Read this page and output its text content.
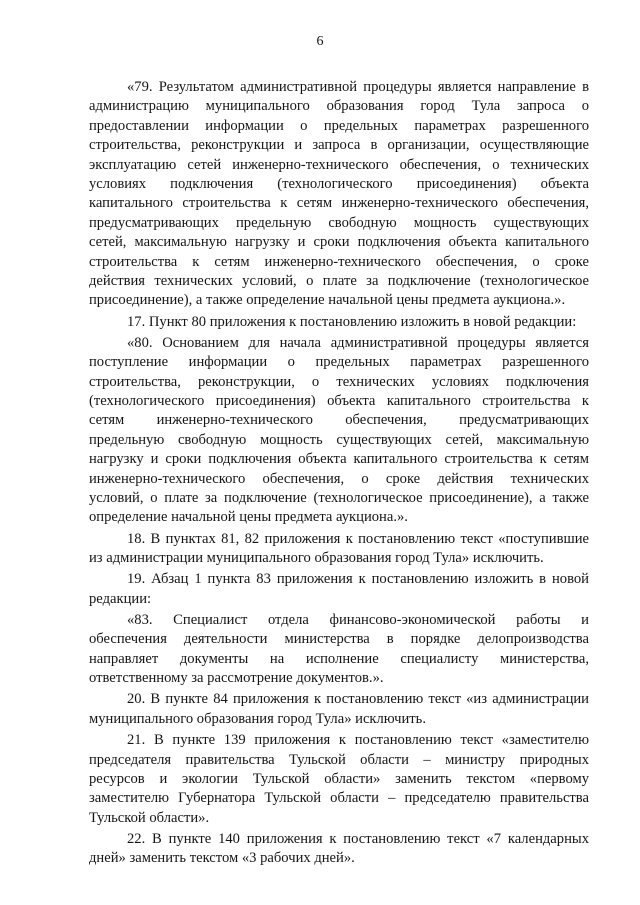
6
«79. Результатом административной процедуры является направление в
администрацию муниципального образования город Тула запроса о
предоставлении информации о предельных параметрах разрешенного
строительства, реконструкции и запроса в организации, осуществляющие
эксплуатацию сетей инженерно-технического обеспечения, о технических
условиях подключения (технологического присоединения) объекта
капитального строительства к сетям инженерно-технического обеспечения,
предусматривающих предельную свободную мощность существующих
сетей, максимальную нагрузку и сроки подключения объекта капитального
строительства к сетям инженерно-технического обеспечения, о сроке
действия технических условий, о плате за подключение (технологическое
присоединение), а также определение начальной цены предмета аукциона.».
17. Пункт 80 приложения к постановлению изложить в новой редакции:
«80. Основанием для начала административной процедуры является
поступление информации о предельных параметрах разрешенного
строительства, реконструкции, о технических условиях подключения
(технологического присоединения) объекта капитального строительства к
сетям инженерно-технического обеспечения, предусматривающих
предельную свободную мощность существующих сетей, максимальную
нагрузку и сроки подключения объекта капитального строительства к сетям
инженерно-технического обеспечения, о сроке действия технических
условий, о плате за подключение (технологическое присоединение), а также
определение начальной цены предмета аукциона.».
18. В пунктах 81, 82 приложения к постановлению текст «поступившие
из администрации муниципального образования город Тула» исключить.
19. Абзац 1 пункта 83 приложения к постановлению изложить в новой
редакции:
«83. Специалист отдела финансово-экономической работы и
обеспечения деятельности министерства в порядке делопроизводства
направляет документы на исполнение специалисту министерства,
ответственному за рассмотрение документов.».
20. В пункте 84 приложения к постановлению текст «из администрации
муниципального образования город Тула» исключить.
21. В пункте 139 приложения к постановлению текст «заместителю
председателя правительства Тульской области – министру природных
ресурсов и экологии Тульской области» заменить текстом «первому
заместителю Губернатора Тульской области – председателю правительства
Тульской области».
22. В пункте 140 приложения к постановлению текст «7 календарных
дней» заменить текстом «3 рабочих дней».
